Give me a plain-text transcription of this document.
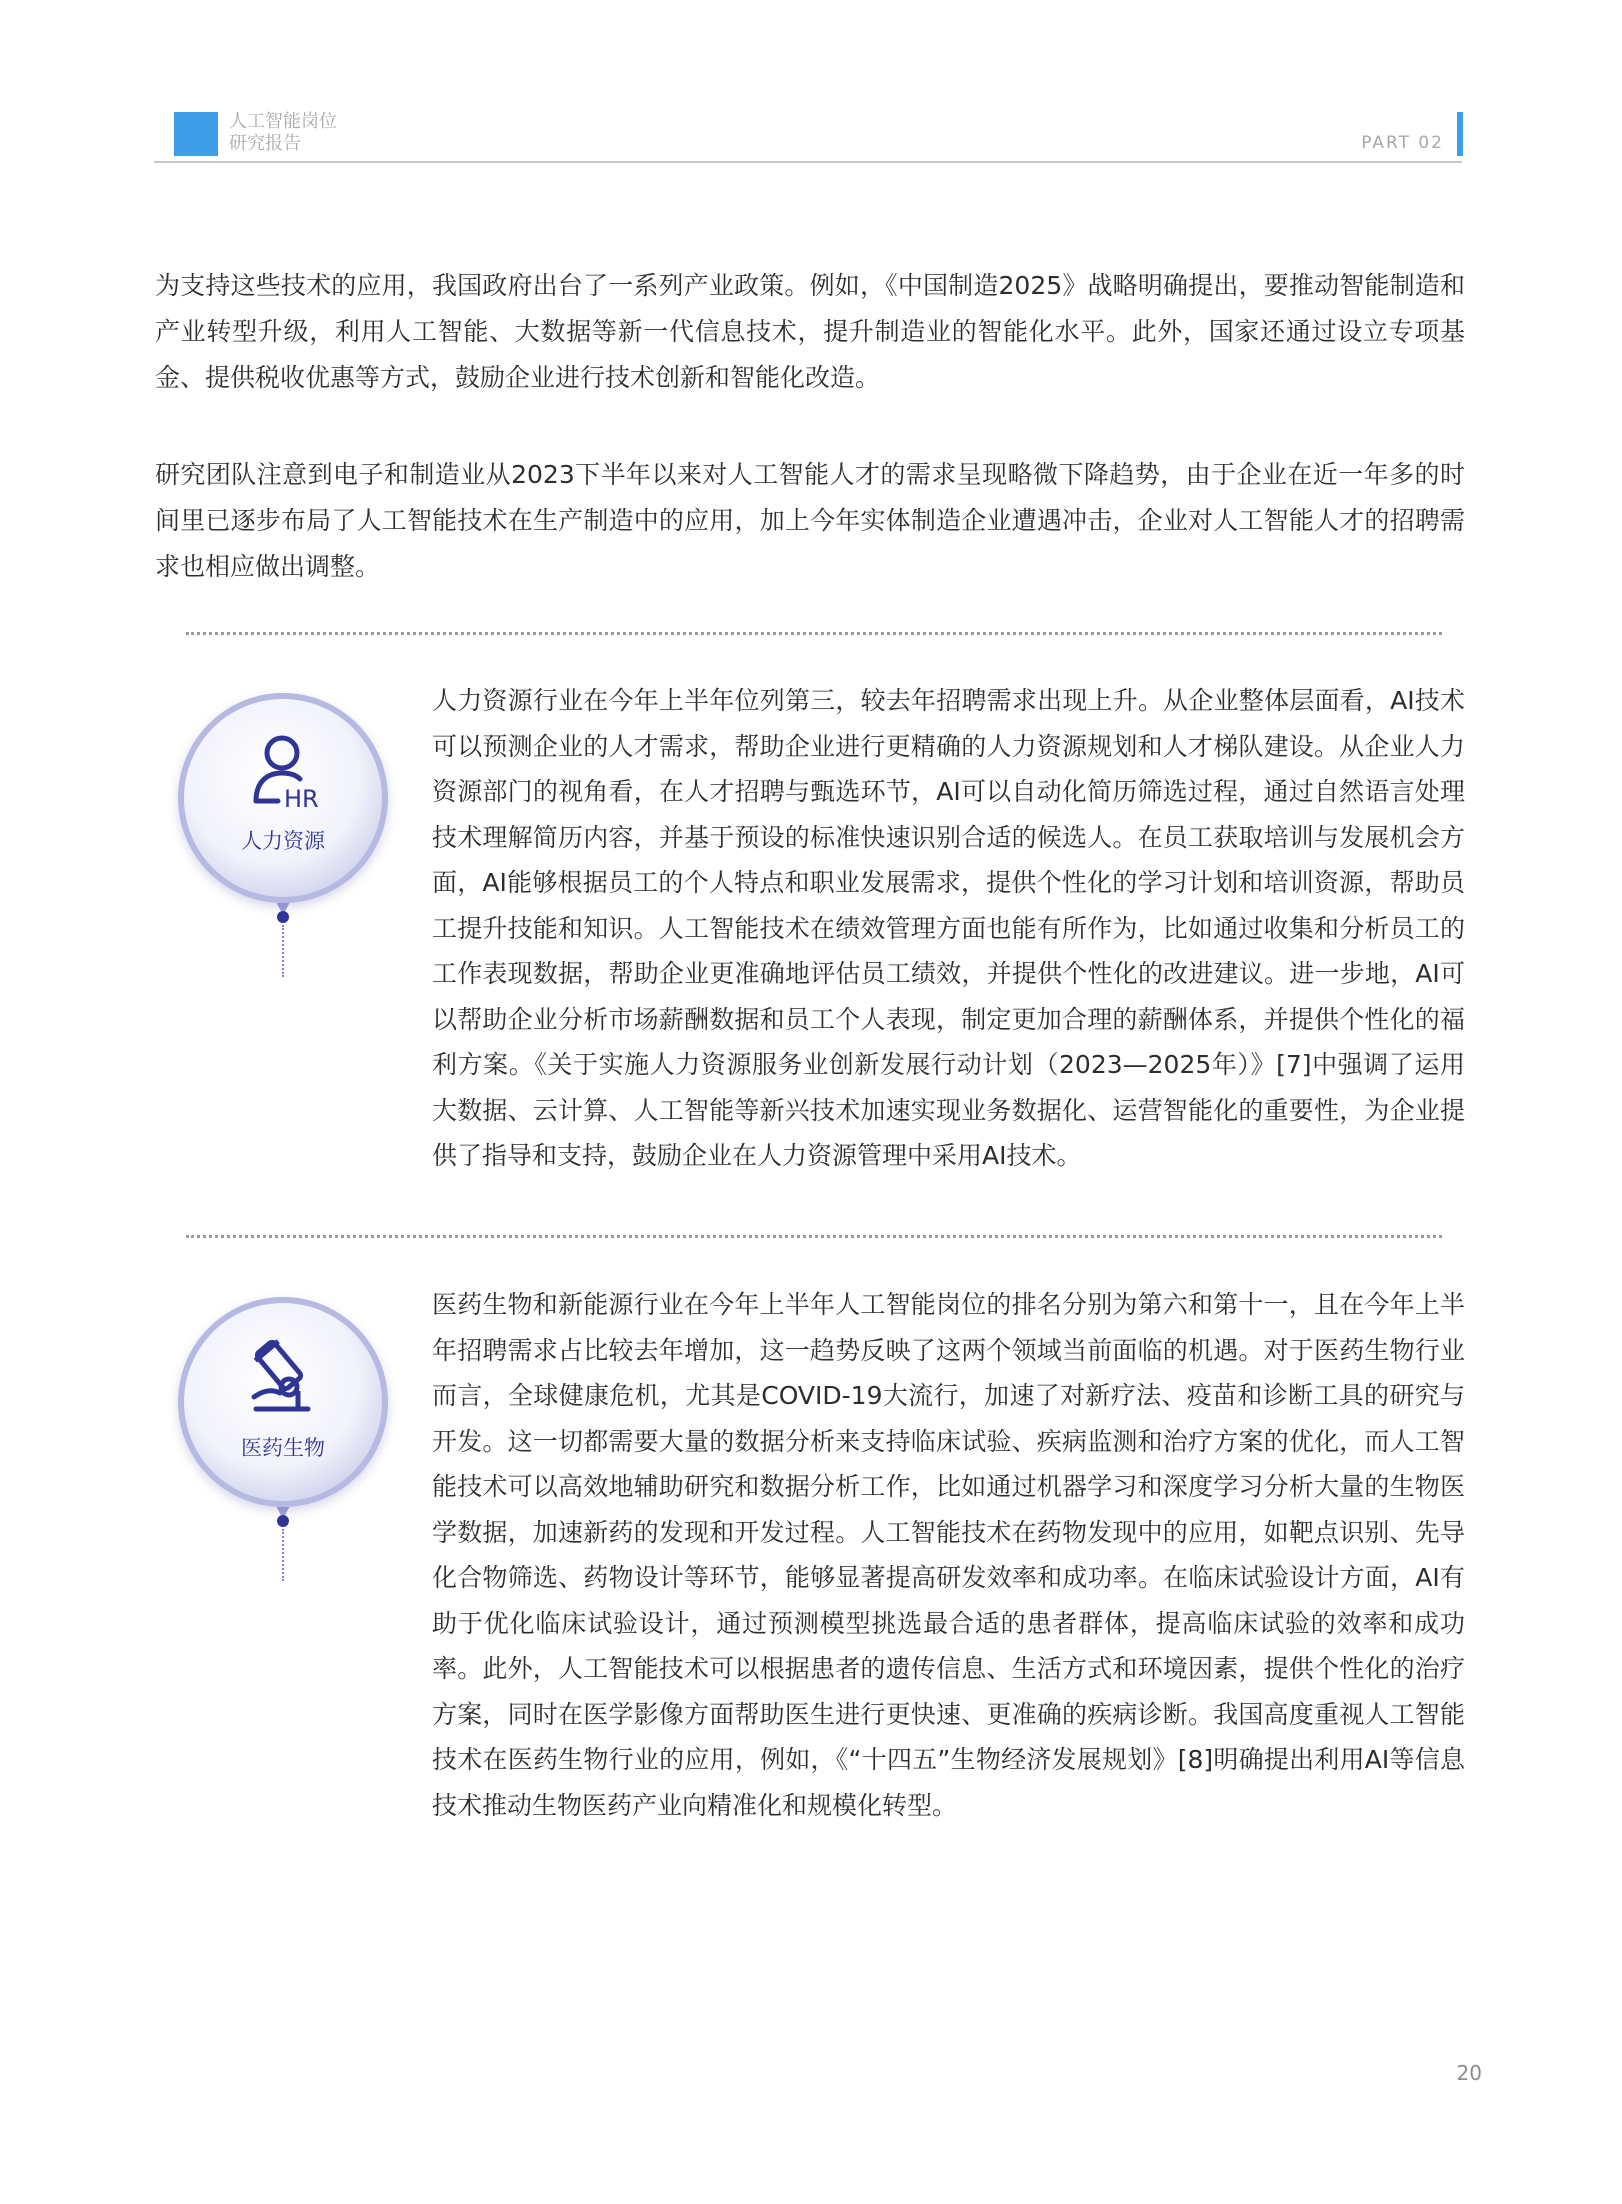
人工智能岗位
研究报告	PART 02

为支持这些技术的应用，我国政府出台了一系列产业政策。例如，《中国制造2025》战略明确提出，要推动智能制造和产业转型升级，利用人工智能、大数据等新一代信息技术，提升制造业的智能化水平。此外，国家还通过设立专项基金、提供税收优惠等方式，鼓励企业进行技术创新和智能化改造。

研究团队注意到电子和制造业从2023下半年以来对人工智能人才的需求呈现略微下降趋势，由于企业在近一年多的时间里已逐步布局了人工智能技术在生产制造中的应用，加上今年实体制造企业遭遇冲击，企业对人工智能人才的招聘需求也相应做出调整。

HR
人力资源

人力资源行业在今年上半年位列第三，较去年招聘需求出现上升。从企业整体层面看，AI技术可以预测企业的人才需求，帮助企业进行更精确的人力资源规划和人才梯队建设。从企业人力资源部门的视角看，在人才招聘与甄选环节，AI可以自动化简历筛选过程，通过自然语言处理技术理解简历内容，并基于预设的标准快速识别合适的候选人。在员工获取培训与发展机会方面，AI能够根据员工的个人特点和职业发展需求，提供个性化的学习计划和培训资源，帮助员工提升技能和知识。人工智能技术在绩效管理方面也能有所作为，比如通过收集和分析员工的工作表现数据，帮助企业更准确地评估员工绩效，并提供个性化的改进建议。进一步地，AI可以帮助企业分析市场薪酬数据和员工个人表现，制定更加合理的薪酬体系，并提供个性化的福利方案。《关于实施人力资源服务业创新发展行动计划（2023—2025年）》[7]中强调了运用大数据、云计算、人工智能等新兴技术加速实现业务数据化、运营智能化的重要性，为企业提供了指导和支持，鼓励企业在人力资源管理中采用AI技术。

医药生物

医药生物和新能源行业在今年上半年人工智能岗位的排名分别为第六和第十一，且在今年上半年招聘需求占比较去年增加，这一趋势反映了这两个领域当前面临的机遇。对于医药生物行业而言，全球健康危机，尤其是COVID-19大流行，加速了对新疗法、疫苗和诊断工具的研究与开发。这一切都需要大量的数据分析来支持临床试验、疾病监测和治疗方案的优化，而人工智能技术可以高效地辅助研究和数据分析工作，比如通过机器学习和深度学习分析大量的生物医学数据，加速新药的发现和开发过程。人工智能技术在药物发现中的应用，如靶点识别、先导化合物筛选、药物设计等环节，能够显著提高研发效率和成功率。在临床试验设计方面，AI有助于优化临床试验设计，通过预测模型挑选最合适的患者群体，提高临床试验的效率和成功率。此外，人工智能技术可以根据患者的遗传信息、生活方式和环境因素，提供个性化的治疗方案，同时在医学影像方面帮助医生进行更快速、更准确的疾病诊断。我国高度重视人工智能技术在医药生物行业的应用，例如，《“十四五”生物经济发展规划》[8]明确提出利用AI等信息技术推动生物医药产业向精准化和规模化转型。

20
